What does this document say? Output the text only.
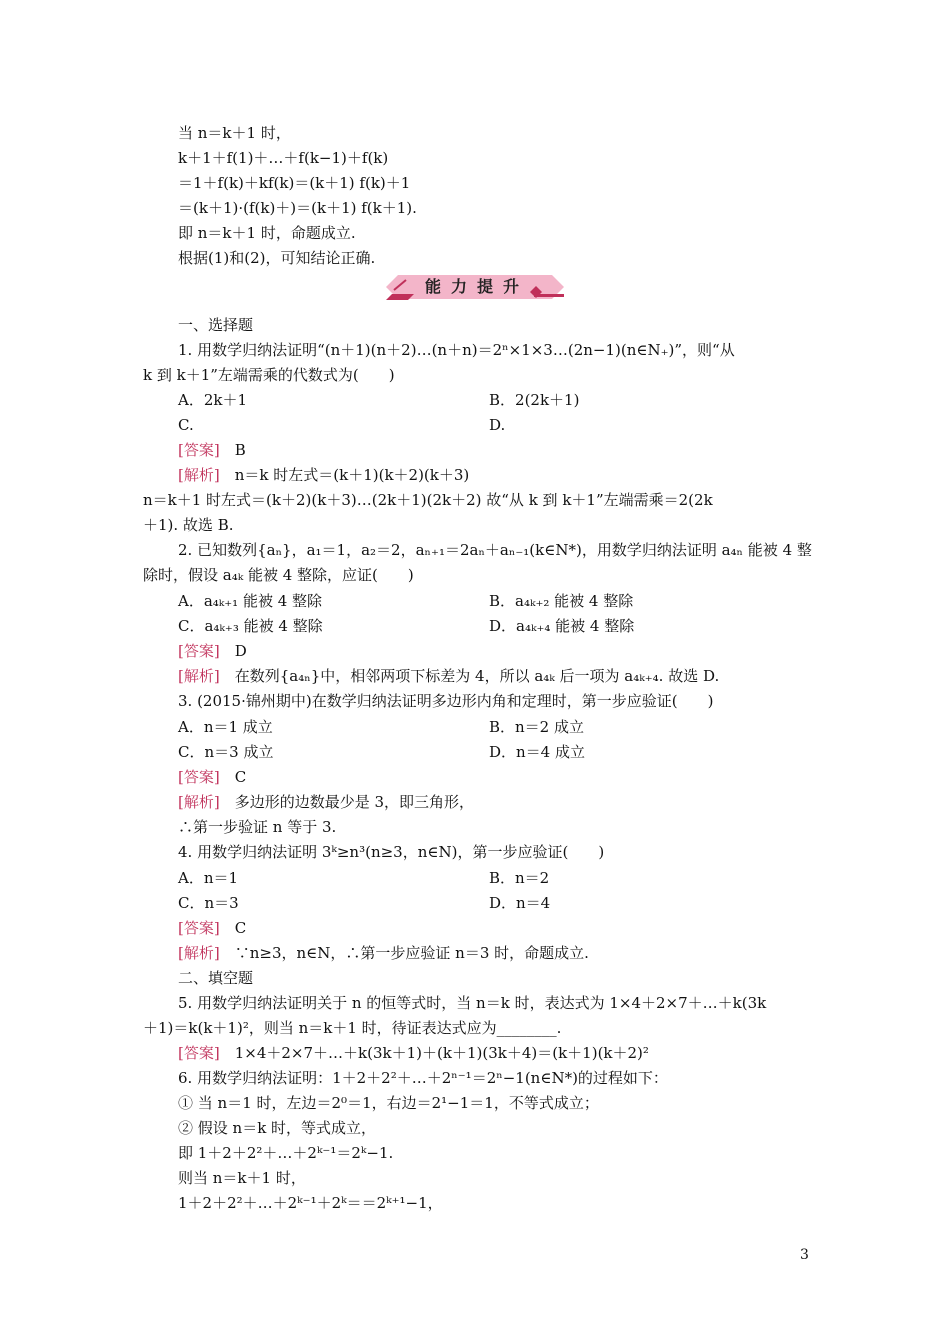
当 n＝k＋1 时，
k＋1＋f(1)＋…＋f(k−1)＋f(k)
＝1＋f(k)＋kf(k)＝(k＋1) f(k)＋1
＝(k＋1)·(f(k)＋)＝(k＋1) f(k＋1).
即 n＝k＋1 时，命题成立.
根据(1)和(2)，可知结论正确.
能力提升
一、选择题
1. 用数学归纳法证明“(n＋1)(n＋2)…(n＋n)＝2ⁿ×1×3…(2n−1)(n∈N₊)”，则“从
k 到 k＋1”左端需乘的代数式为(　　)
A．2k＋1	B．2(2k＋1)
C.	D.
[答案]　 B
[解析]　 n＝k 时左式＝(k＋1)(k＋2)(k＋3)
n＝k＋1 时左式＝(k＋2)(k＋3)…(2k＋1)(2k＋2) 故“从 k 到 k＋1”左端需乘＝2(2k
＋1). 故选 B.
2. 已知数列{aₙ}，a₁＝1，a₂＝2，aₙ₊₁＝2aₙ＋aₙ₋₁(k∈N*)，用数学归纳法证明 a₄ₙ 能被 4 整
除时，假设 a₄ₖ 能被 4 整除，应证(　　)
A．a₄ₖ₊₁ 能被 4 整除	B．a₄ₖ₊₂ 能被 4 整除
C．a₄ₖ₊₃ 能被 4 整除	D．a₄ₖ₊₄ 能被 4 整除
[答案]　 D
[解析]　 在数列{a₄ₙ}中，相邻两项下标差为 4，所以 a₄ₖ 后一项为 a₄ₖ₊₄. 故选 D.
3. (2015·锦州期中)在数学归纳法证明多边形内角和定理时，第一步应验证(　　)
A．n＝1 成立	B．n＝2 成立
C．n＝3 成立	D．n＝4 成立
[答案]　 C
[解析]　 多边形的边数最少是 3，即三角形，
∴第一步验证 n 等于 3.
4. 用数学归纳法证明 3ᵏ≥n³(n≥3，n∈N)，第一步应验证(　　)
A．n＝1	B．n＝2
C．n＝3	D．n＝4
[答案]　 C
[解析]　 ∵n≥3，n∈N，∴第一步应验证 n＝3 时，命题成立.
二、填空题
5. 用数学归纳法证明关于 n 的恒等式时，当 n＝k 时，表达式为 1×4＋2×7＋…＋k(3k
＋1)＝k(k＋1)²，则当 n＝k＋1 时，待证表达式应为________.
[答案]　 1×4＋2×7＋…＋k(3k＋1)＋(k＋1)(3k＋4)＝(k＋1)(k＋2)²
6. 用数学归纳法证明：1＋2＋2²＋…＋2ⁿ⁻¹＝2ⁿ−1(n∈N*)的过程如下：
① 当 n＝1 时，左边＝2⁰＝1，右边＝2¹−1＝1，不等式成立；
② 假设 n＝k 时，等式成立，
即 1＋2＋2²＋…＋2ᵏ⁻¹＝2ᵏ−1.
则当 n＝k＋1 时，
1＋2＋2²＋…＋2ᵏ⁻¹＋2ᵏ＝＝2ᵏ⁺¹−1，
3
